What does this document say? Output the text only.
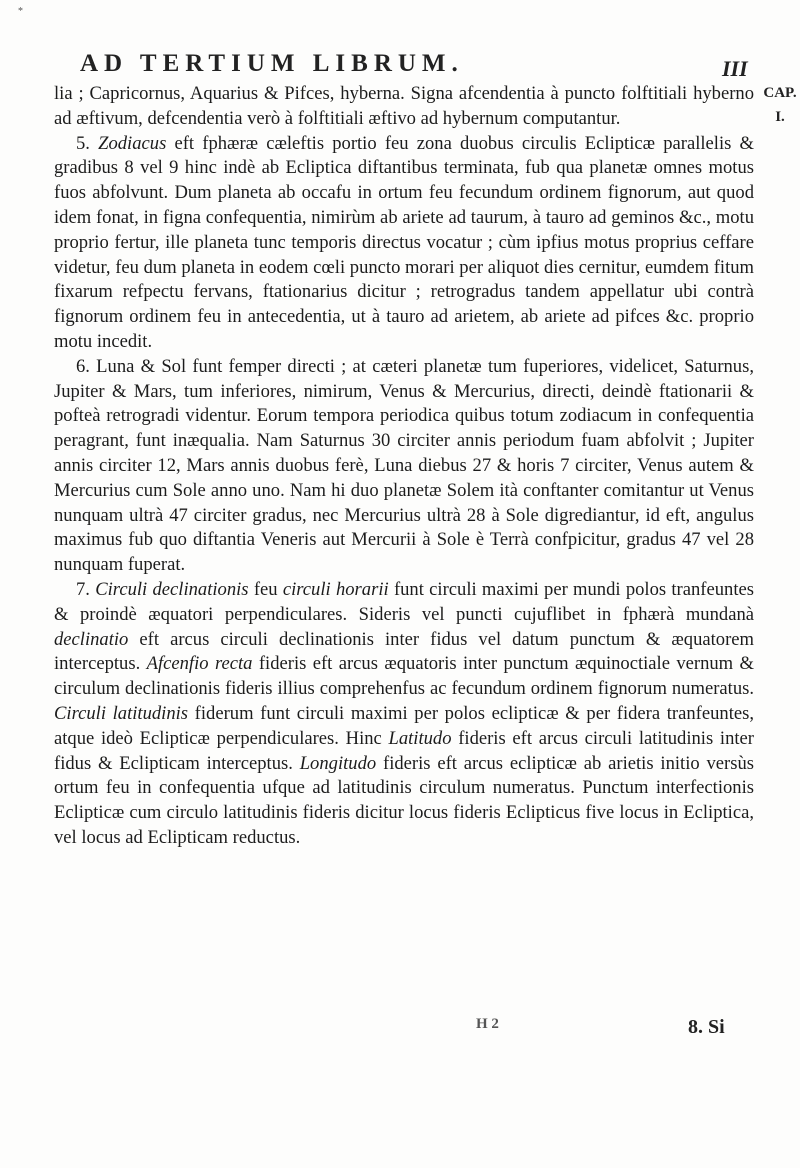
*
AD TERTIUM LIBRUM.	III
CAP.
I.

lia ; Capricornus, Aquarius & Pifces, hyberna. Signa afcendentia à puncto folftitiali hyberno ad æftivum, defcendentia verò à folftitiali æftivo ad hybernum computantur.

5. Zodiacus eft fphæræ cæleftis portio feu zona duobus circulis Eclipticæ parallelis & gradibus 8 vel 9 hinc indè ab Ecliptica diftantibus terminata, fub qua planetæ omnes motus fuos abfolvunt. Dum planeta ab occafu in ortum feu fecundum ordinem fignorum, aut quod idem fonat, in figna confequentia, nimirùm ab ariete ad taurum, à tauro ad geminos &c., motu proprio fertur, ille planeta tunc temporis directus vocatur ; cùm ipfius motus proprius ceffare videtur, feu dum planeta in eodem cœli puncto morari per aliquot dies cernitur, eumdem fitum fixarum refpectu fervans, ftationarius dicitur ; retrogradus tandem appellatur ubi contrà fignorum ordinem feu in antecedentia, ut à tauro ad arietem, ab ariete ad pifces &c. proprio motu incedit.

6. Luna & Sol funt femper directi ; at cæteri planetæ tum fuperiores, videlicet, Saturnus, Jupiter & Mars, tum inferiores, nimirum, Venus & Mercurius, directi, deindè ftationarii & pofteà retrogradi videntur. Eorum tempora periodica quibus totum zodiacum in confequentia peragrant, funt inæqualia. Nam Saturnus 30 circiter annis periodum fuam abfolvit ; Jupiter annis circiter 12, Mars annis duobus ferè, Luna diebus 27 & horis 7 circiter, Venus autem & Mercurius cum Sole anno uno. Nam hi duo planetæ Solem ità conftanter comitantur ut Venus nunquam ultrà 47 circiter gradus, nec Mercurius ultrà 28 à Sole digrediantur, id eft, angulus maximus fub quo diftantia Veneris aut Mercurii à Sole è Terrà confpicitur, gradus 47 vel 28 nunquam fuperat.

7. Circuli declinationis feu circuli horarii funt circuli maximi per mundi polos tranfeuntes & proindè æquatori perpendiculares. Sideris vel puncti cujuflibet in fphærà mundanà declinatio eft arcus circuli declinationis inter fidus vel datum punctum & æquatorem interceptus. Afcenfio recta fideris eft arcus æquatoris inter punctum æquinoctiale vernum & circulum declinationis fideris illius comprehenfus ac fecundum ordinem fignorum numeratus. Circuli latitudinis fiderum funt circuli maximi per polos eclipticæ & per fidera tranfeuntes, atque ideò Eclipticæ perpendiculares. Hinc Latitudo fideris eft arcus circuli latitudinis inter fidus & Eclipticam interceptus. Longitudo fideris eft arcus eclipticæ ab arietis initio versùs ortum feu in confequentia ufque ad latitudinis circulum numeratus. Punctum interfectionis Eclipticæ cum circulo latitudinis fideris dicitur locus fideris Eclipticus five locus in Ecliptica, vel locus ad Eclipticam reductus.

H 2	8. Si
